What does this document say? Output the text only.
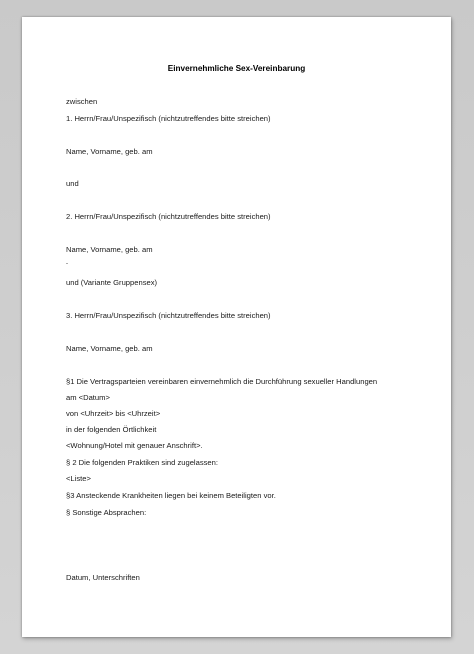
Einvernehmliche Sex-Vereinbarung
zwischen
1. Herrn/Frau/Unspezifisch (nichtzutreffendes bitte streichen)
Name, Vorname, geb. am
und
2. Herrn/Frau/Unspezifisch (nichtzutreffendes bitte streichen)
Name, Vorname, geb. am
-
und (Variante Gruppensex)
3. Herrn/Frau/Unspezifisch (nichtzutreffendes bitte streichen)
Name, Vorname, geb. am
§1 Die Vertragsparteien vereinbaren einvernehmlich die Durchführung sexueller Handlungen
am <Datum>
von <Uhrzeit> bis <Uhrzeit>
in der folgenden Örtlichkeit
<Wohnung/Hotel mit genauer Anschrift>.
§ 2 Die folgenden Praktiken sind zugelassen:
<Liste>
§3 Ansteckende Krankheiten liegen bei keinem Beteiligten vor.
§ Sonstige Absprachen:
Datum, Unterschriften
